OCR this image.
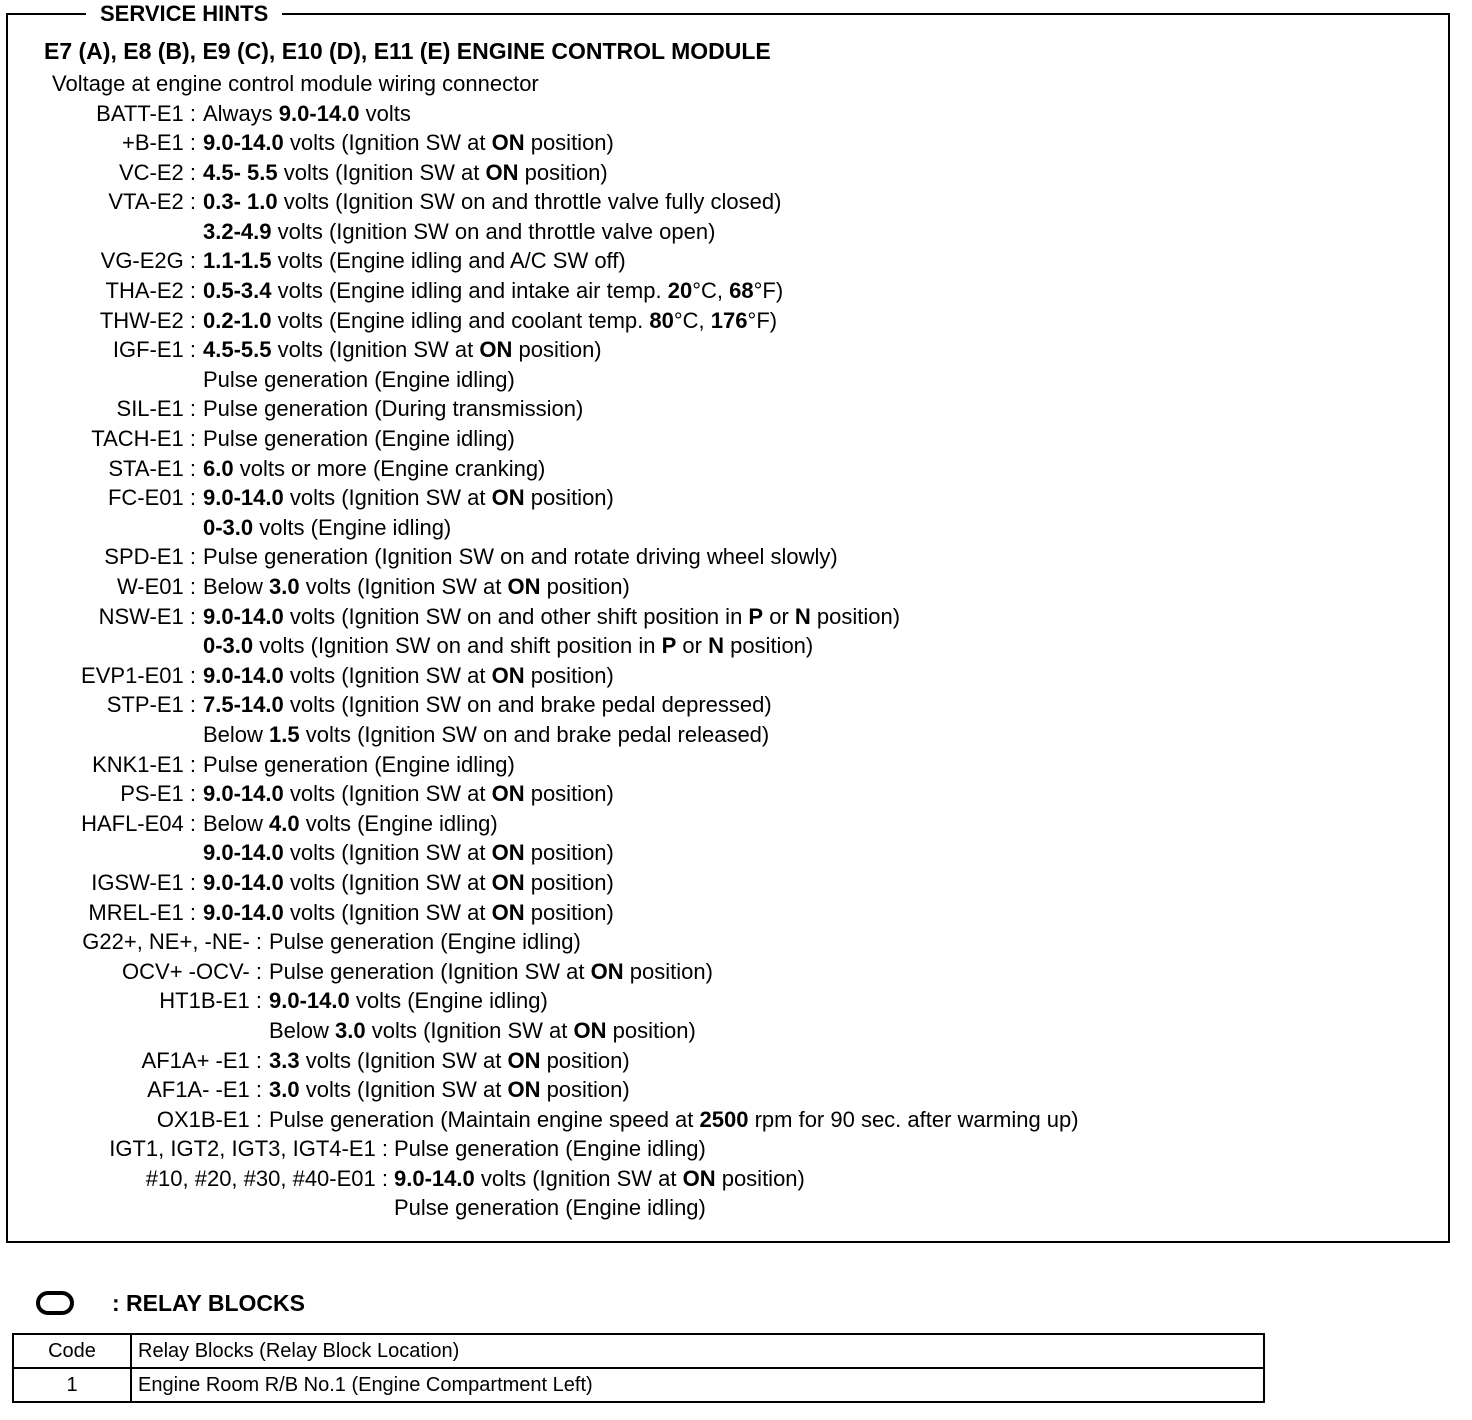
SERVICE HINTS
E7 (A), E8 (B), E9 (C), E10 (D), E11 (E) ENGINE CONTROL MODULE
Voltage at engine control module wiring connector
BATT-E1 : Always 9.0-14.0 volts
+B-E1 : 9.0-14.0 volts (Ignition SW at ON position)
VC-E2 : 4.5- 5.5 volts (Ignition SW at ON position)
VTA-E2 : 0.3- 1.0 volts (Ignition SW on and throttle valve fully closed)
3.2-4.9 volts (Ignition SW on and throttle valve open)
VG-E2G : 1.1-1.5 volts (Engine idling and A/C SW off)
THA-E2 : 0.5-3.4 volts (Engine idling and intake air temp. 20°C, 68°F)
THW-E2 : 0.2-1.0 volts (Engine idling and coolant temp. 80°C, 176°F)
IGF-E1 : 4.5-5.5 volts (Ignition SW at ON position)
Pulse generation (Engine idling)
SIL-E1 : Pulse generation (During transmission)
TACH-E1 : Pulse generation (Engine idling)
STA-E1 : 6.0 volts or more (Engine cranking)
FC-E01 : 9.0-14.0 volts (Ignition SW at ON position)
0-3.0 volts (Engine idling)
SPD-E1 : Pulse generation (Ignition SW on and rotate driving wheel slowly)
W-E01 : Below 3.0 volts (Ignition SW at ON position)
NSW-E1 : 9.0-14.0 volts (Ignition SW on and other shift position in P or N position)
0-3.0 volts (Ignition SW on and shift position in P or N position)
EVP1-E01 : 9.0-14.0 volts (Ignition SW at ON position)
STP-E1 : 7.5-14.0 volts (Ignition SW on and brake pedal depressed)
Below 1.5 volts (Ignition SW on and brake pedal released)
KNK1-E1 : Pulse generation (Engine idling)
PS-E1 : 9.0-14.0 volts (Ignition SW at ON position)
HAFL-E04 : Below 4.0 volts (Engine idling)
9.0-14.0 volts (Ignition SW at ON position)
IGSW-E1 : 9.0-14.0 volts (Ignition SW at ON position)
MREL-E1 : 9.0-14.0 volts (Ignition SW at ON position)
G22+, NE+, -NE- : Pulse generation (Engine idling)
OCV+ -OCV- : Pulse generation (Ignition SW at ON position)
HT1B-E1 : 9.0-14.0 volts (Engine idling)
Below 3.0 volts (Ignition SW at ON position)
AF1A+ -E1 : 3.3 volts (Ignition SW at ON position)
AF1A- -E1 : 3.0 volts (Ignition SW at ON position)
OX1B-E1 : Pulse generation (Maintain engine speed at 2500 rpm for 90 sec. after warming up)
IGT1, IGT2, IGT3, IGT4-E1 : Pulse generation (Engine idling)
#10, #20, #30, #40-E01 : 9.0-14.0 volts (Ignition SW at ON position)
Pulse generation (Engine idling)
: RELAY BLOCKS
Code	Relay Blocks (Relay Block Location)
1	Engine Room R/B No.1 (Engine Compartment Left)
